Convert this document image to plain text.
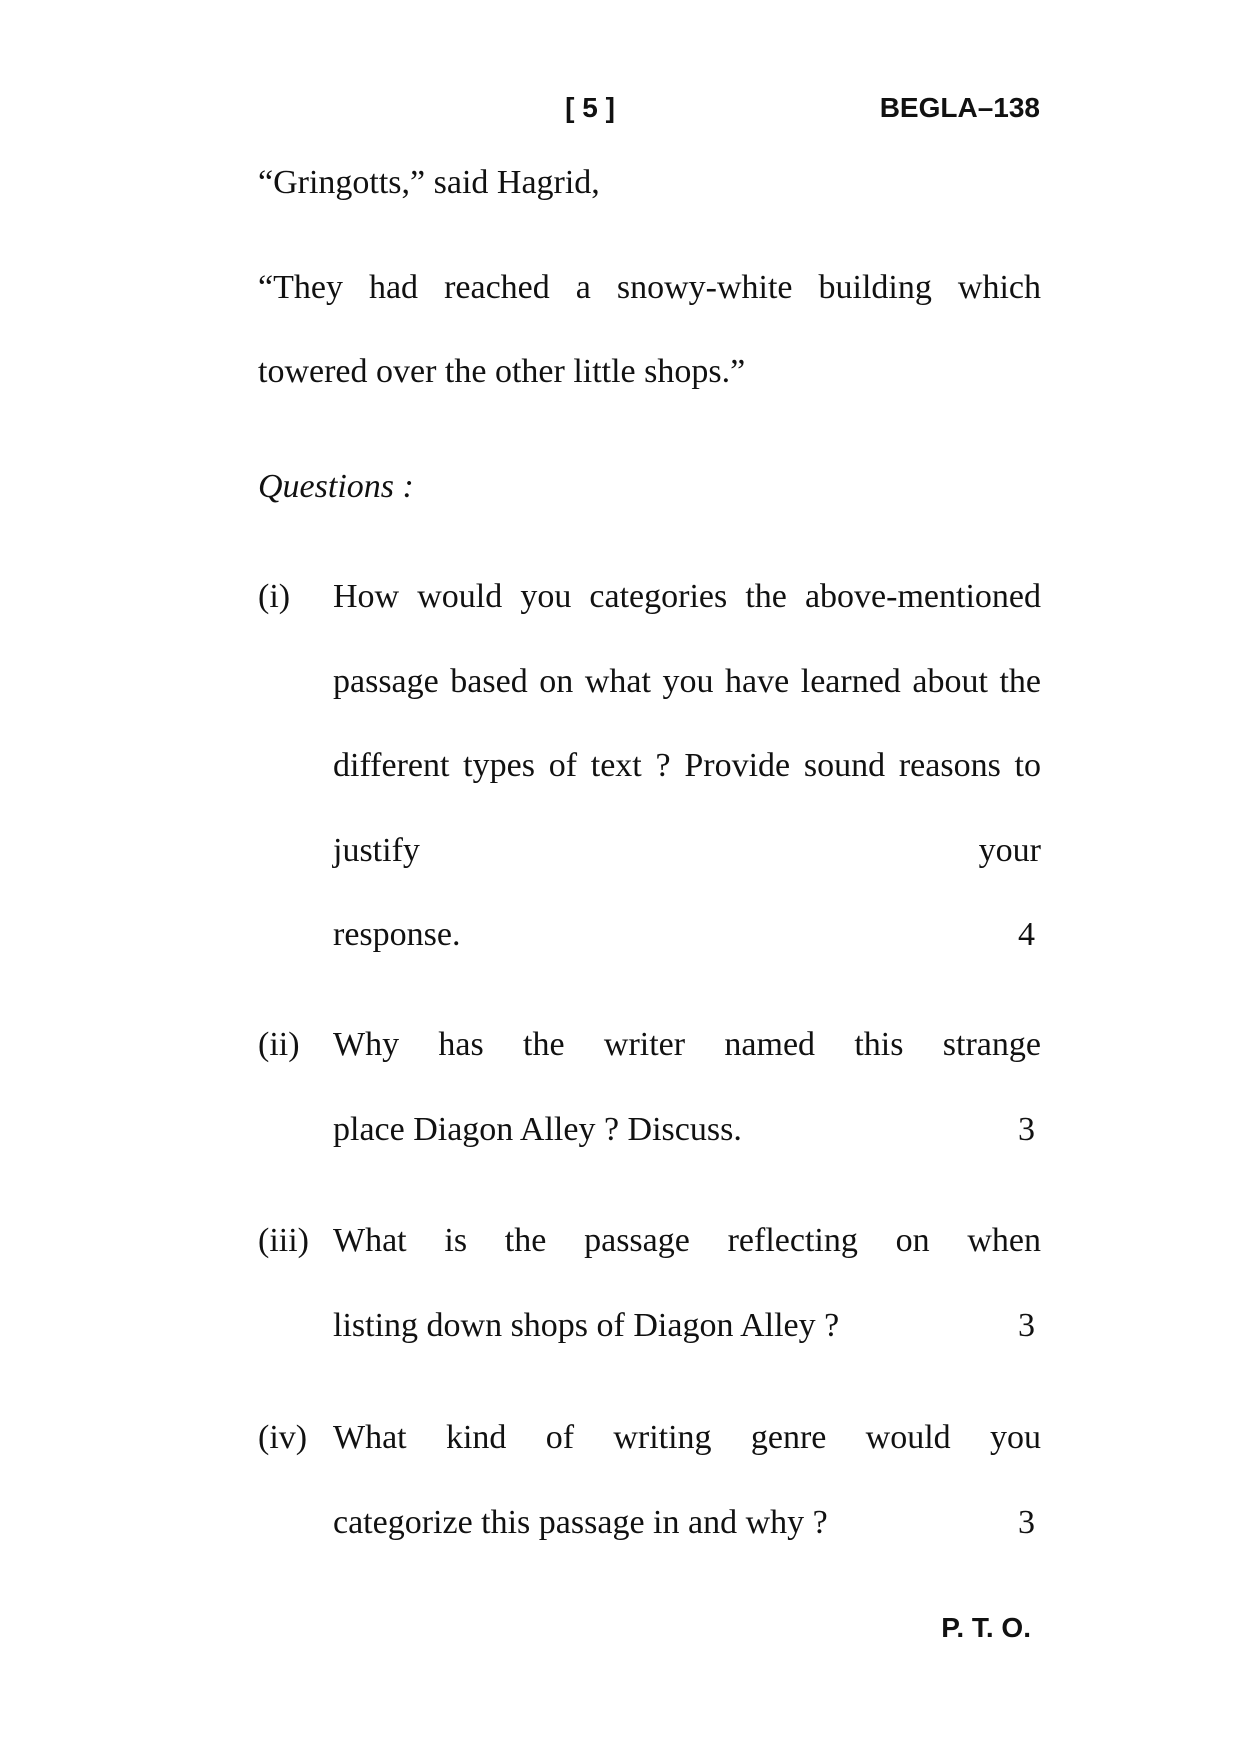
[ 5 ]	BEGLA–138
“Gringotts,” said Hagrid,
“They had reached a snowy-white building which towered over the other little shops.”
Questions :
(i) How would you categories the above-mentioned passage based on what you have learned about the different types of text ? Provide sound reasons to justify your
response.	4
(ii) Why has the writer named this strange
place Diagon Alley ? Discuss.	3
(iii) What is the passage reflecting on when
listing down shops of Diagon Alley ?	3
(iv) What kind of writing genre would you
categorize this passage in and why ?	3
P. T. O.
